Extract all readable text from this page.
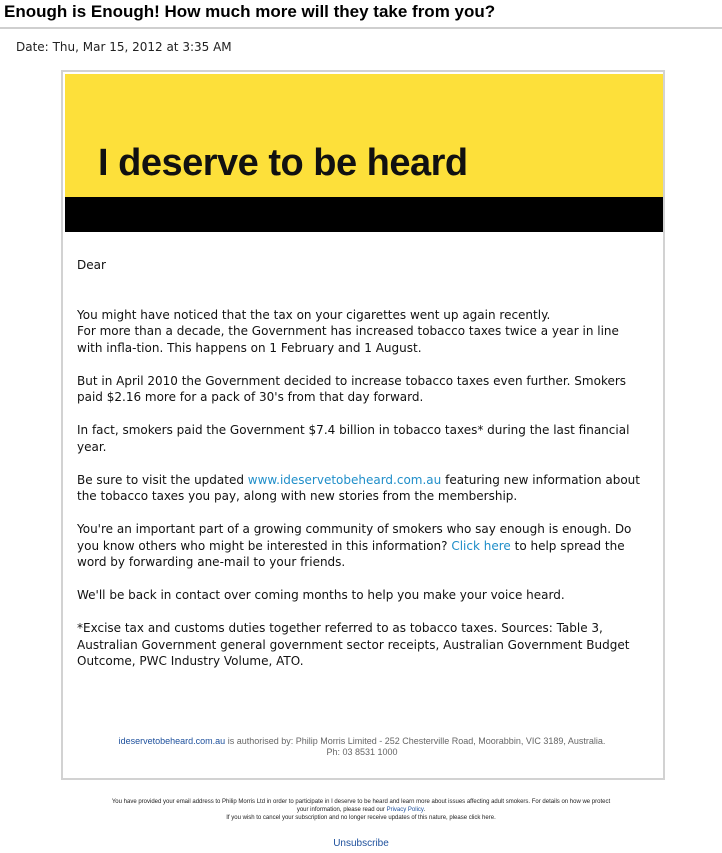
Enough is Enough! How much more will they take from you?
Date: Thu, Mar 15, 2012 at 3:35 AM
I deserve to be heard

Dear

You might have noticed that the tax on your cigarettes went up again recently.
For more than a decade, the Government has increased tobacco taxes twice a year in line with infla-tion. This happens on 1 February and 1 August.

But in April 2010 the Government decided to increase tobacco taxes even further. Smokers paid $2.16 more for a pack of 30's from that day forward.

In fact, smokers paid the Government $7.4 billion in tobacco taxes* during the last financial year.

Be sure to visit the updated www.ideservetobeheard.com.au featuring new information about the tobacco taxes you pay, along with new stories from the membership.

You're an important part of a growing community of smokers who say enough is enough. Do you know others who might be interested in this information? Click here to help spread the word by forwarding ane-mail to your friends.

We'll be back in contact over coming months to help you make your voice heard.

*Excise tax and customs duties together referred to as tobacco taxes. Sources: Table 3, Australian Government general government sector receipts, Australian Government Budget Outcome, PWC Industry Volume, ATO.

ideservetobeheard.com.au is authorised by: Philip Morris Limited - 252 Chesterville Road, Moorabbin, VIC 3189, Australia.
Ph: 03 8531 1000
You have provided your email address to Philip Morris Ltd in order to participate in I deserve to be heard and learn more about issues affecting adult smokers. For details on how we protect
your information, please read our Privacy Policy.
If you wish to cancel your subscription and no longer receive updates of this nature, please click here.
Unsubscribe
